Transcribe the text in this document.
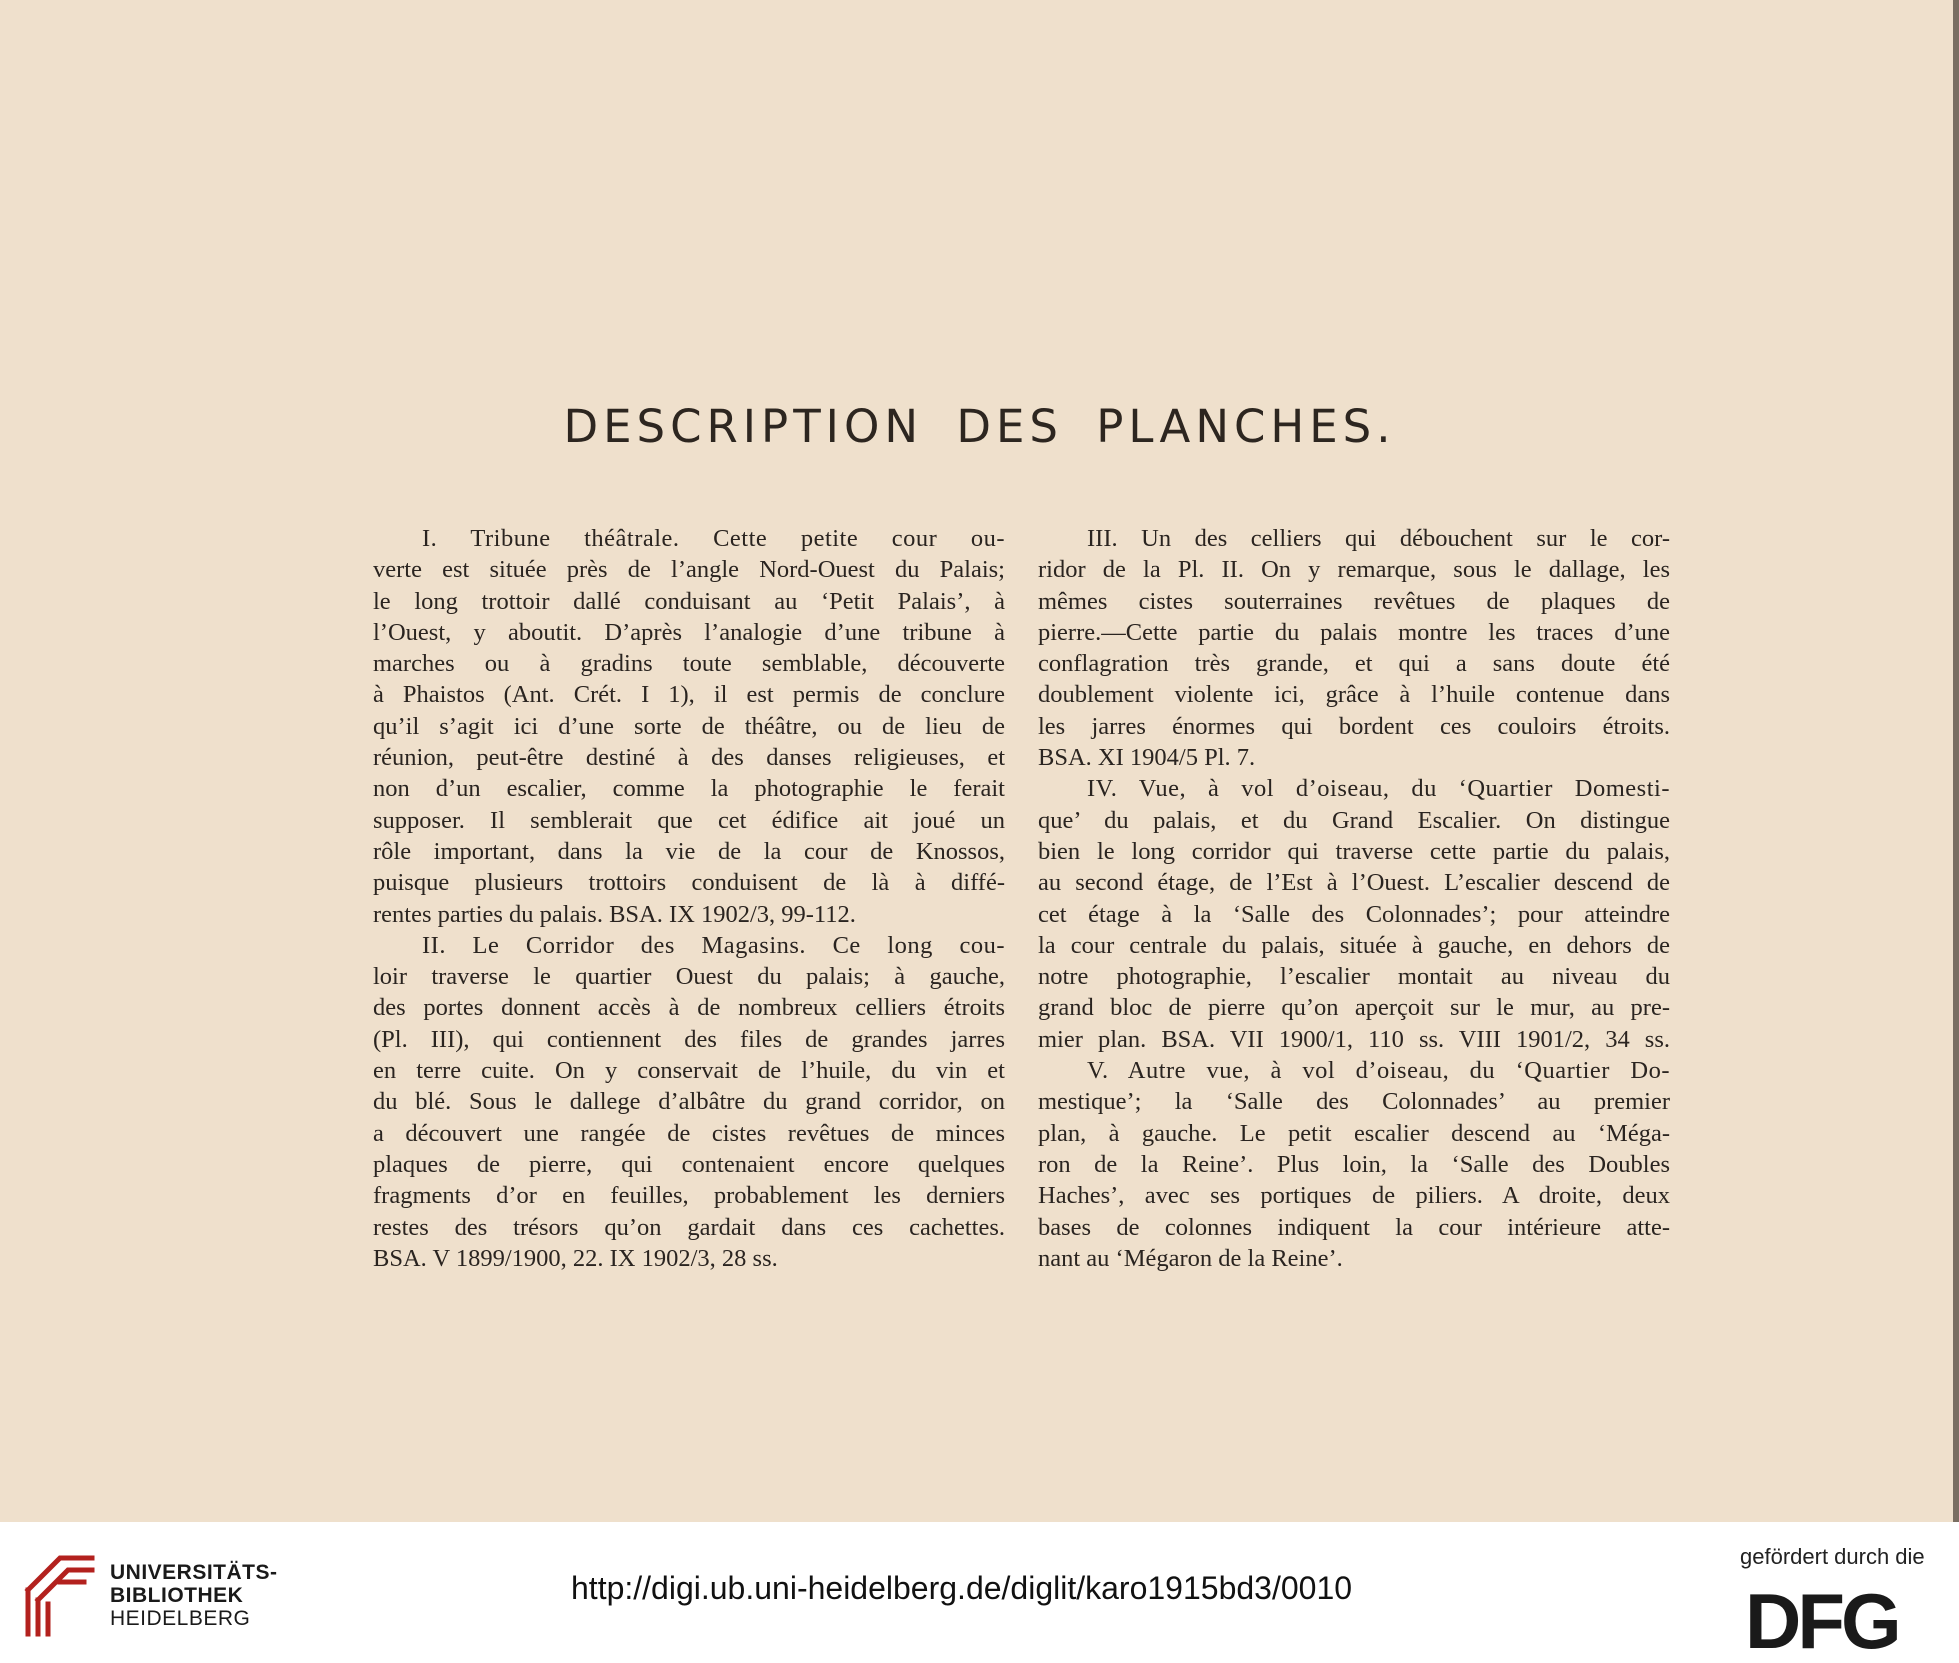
DESCRIPTION DES PLANCHES.
I. Tribune théâtrale. Cette petite cour ou-
verte est située près de l’angle Nord-Ouest du Palais;
le long trottoir dallé conduisant au ‘Petit Palais’, à
l’Ouest, y aboutit. D’après l’analogie d’une tribune à
marches ou à gradins toute semblable, découverte
à Phaistos (Ant. Crét. I 1), il est permis de conclure
qu’il s’agit ici d’une sorte de théâtre, ou de lieu de
réunion, peut-être destiné à des danses religieuses, et
non d’un escalier, comme la photographie le ferait
supposer. Il semblerait que cet édifice ait joué un
rôle important, dans la vie de la cour de Knossos,
puisque plusieurs trottoirs conduisent de là à diffé-
rentes parties du palais. BSA. IX 1902/3, 99-112.
II. Le Corridor des Magasins. Ce long cou-
loir traverse le quartier Ouest du palais; à gauche,
des portes donnent accès à de nombreux celliers étroits
(Pl. III), qui contiennent des files de grandes jarres
en terre cuite. On y conservait de l’huile, du vin et
du blé. Sous le dallege d’albâtre du grand corridor, on
a découvert une rangée de cistes revêtues de minces
plaques de pierre, qui contenaient encore quelques
fragments d’or en feuilles, probablement les derniers
restes des trésors qu’on gardait dans ces cachettes.
BSA. V 1899/1900, 22. IX 1902/3, 28 ss.
III. Un des celliers qui débouchent sur le cor-
ridor de la Pl. II. On y remarque, sous le dallage, les
mêmes cistes souterraines revêtues de plaques de
pierre.—Cette partie du palais montre les traces d’une
conflagration très grande, et qui a sans doute été
doublement violente ici, grâce à l’huile contenue dans
les jarres énormes qui bordent ces couloirs étroits.
BSA. XI 1904/5 Pl. 7.
IV. Vue, à vol d’oiseau, du ‘Quartier Domesti-
que’ du palais, et du Grand Escalier. On distingue
bien le long corridor qui traverse cette partie du palais,
au second étage, de l’Est à l’Ouest. L’escalier descend de
cet étage à la ‘Salle des Colonnades’; pour atteindre
la cour centrale du palais, située à gauche, en dehors de
notre photographie, l’escalier montait au niveau du
grand bloc de pierre qu’on aperçoit sur le mur, au pre-
mier plan. BSA. VII 1900/1, 110 ss. VIII 1901/2, 34 ss.
V. Autre vue, à vol d’oiseau, du ‘Quartier Do-
mestique’; la ‘Salle des Colonnades’ au premier
plan, à gauche. Le petit escalier descend au ‘Méga-
ron de la Reine’. Plus loin, la ‘Salle des Doubles
Haches’, avec ses portiques de piliers. A droite, deux
bases de colonnes indiquent la cour intérieure atte-
nant au ‘Mégaron de la Reine’.
UNIVERSITÄTS-
BIBLIOTHEK
HEIDELBERG
http://digi.ub.uni-heidelberg.de/diglit/karo1915bd3/0010
gefördert durch die
DFG
